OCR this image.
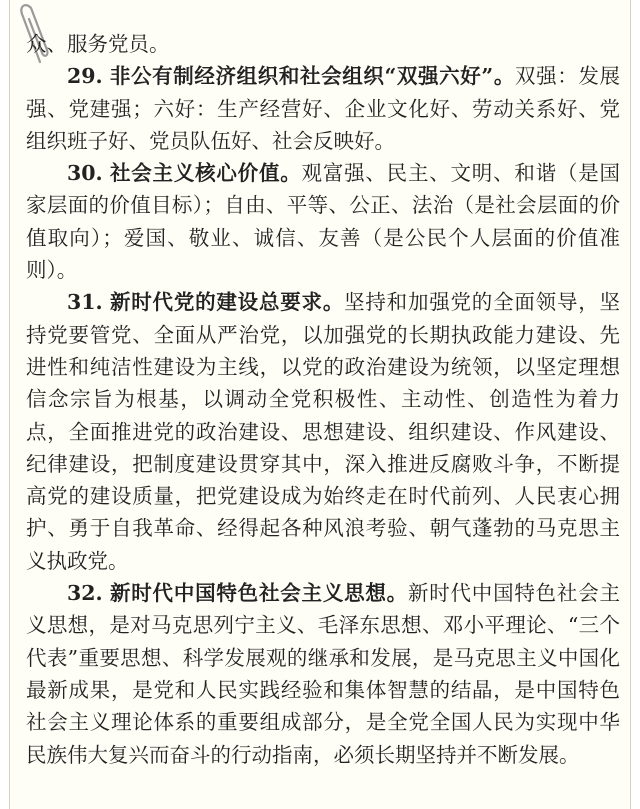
众、服务党员。

29. 非公有制经济组织和社会组织“双强六好”。双强：发展强、党建强；六好：生产经营好、企业文化好、劳动关系好、党组织班子好、党员队伍好、社会反映好。

30. 社会主义核心价值。观富强、民主、文明、和谐（是国家层面的价值目标）；自由、平等、公正、法治（是社会层面的价值取向）；爱国、敬业、诚信、友善（是公民个人层面的价值准则）。

31. 新时代党的建设总要求。坚持和加强党的全面领导，坚持党要管党、全面从严治党，以加强党的长期执政能力建设、先进性和纯洁性建设为主线，以党的政治建设为统领，以坚定理想信念宗旨为根基，以调动全党积极性、主动性、创造性为着力点，全面推进党的政治建设、思想建设、组织建设、作风建设、纪律建设，把制度建设贯穿其中，深入推进反腐败斗争，不断提高党的建设质量，把党建设成为始终走在时代前列、人民衷心拥护、勇于自我革命、经得起各种风浪考验、朝气蓬勃的马克思主义执政党。

32. 新时代中国特色社会主义思想。新时代中国特色社会主义思想，是对马克思列宁主义、毛泽东思想、邓小平理论、“三个代表”重要思想、科学发展观的继承和发展，是马克思主义中国化最新成果，是党和人民实践经验和集体智慧的结晶，是中国特色社会主义理论体系的重要组成部分，是全党全国人民为实现中华民族伟大复兴而奋斗的行动指南，必须长期坚持并不断发展。
